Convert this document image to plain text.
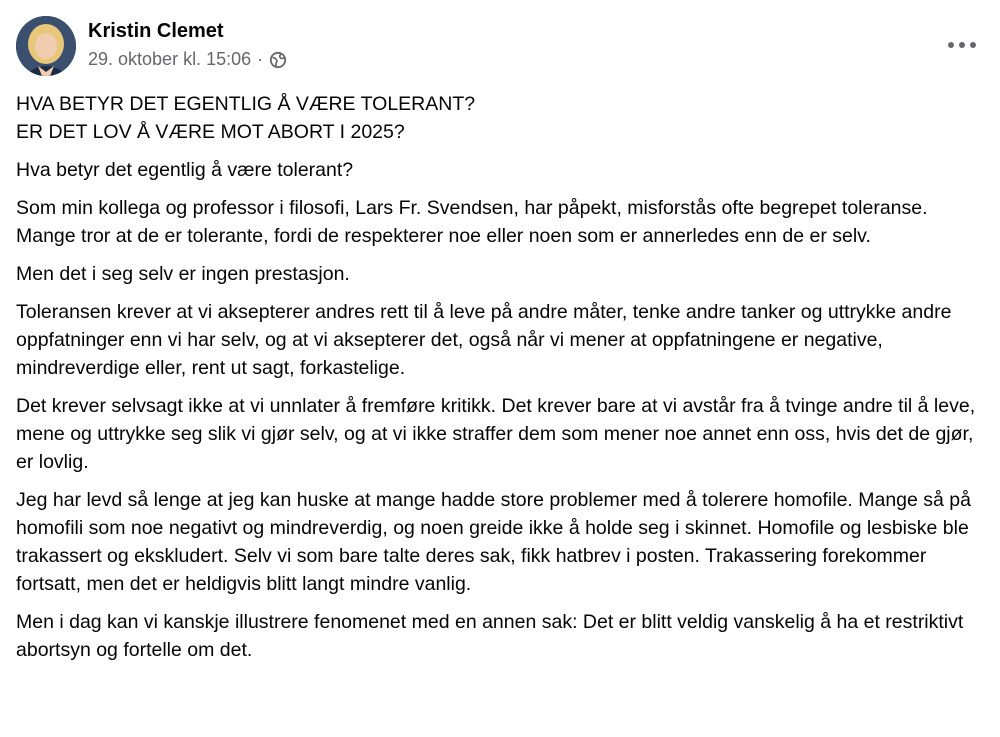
Kristin Clemet
29. oktober kl. 15:06 ·

HVA BETYR DET EGENTLIG Å VÆRE TOLERANT?
ER DET LOV Å VÆRE MOT ABORT I 2025?

Hva betyr det egentlig å være tolerant?

Som min kollega og professor i filosofi, Lars Fr. Svendsen, har påpekt, misforstås ofte begrepet toleranse. Mange tror at de er tolerante, fordi de respekterer noe eller noen som er annerledes enn de er selv.

Men det i seg selv er ingen prestasjon.

Toleransen krever at vi aksepterer andres rett til å leve på andre måter, tenke andre tanker og uttrykke andre oppfatninger enn vi har selv, og at vi aksepterer det, også når vi mener at oppfatningene er negative, mindreverdige eller, rent ut sagt, forkastelige.

Det krever selvsagt ikke at vi unnlater å fremføre kritikk. Det krever bare at vi avstår fra å tvinge andre til å leve, mene og uttrykke seg slik vi gjør selv, og at vi ikke straffer dem som mener noe annet enn oss, hvis det de gjør, er lovlig.

Jeg har levd så lenge at jeg kan huske at mange hadde store problemer med å tolerere homofile. Mange så på homofili som noe negativt og mindreverdig, og noen greide ikke å holde seg i skinnet. Homofile og lesbiske ble trakassert og ekskludert. Selv vi som bare talte deres sak, fikk hatbrev i posten. Trakassering forekommer fortsatt, men det er heldigvis blitt langt mindre vanlig.

Men i dag kan vi kanskje illustrere fenomenet med en annen sak: Det er blitt veldig vanskelig å ha et restriktivt abortsyn og fortelle om det.
